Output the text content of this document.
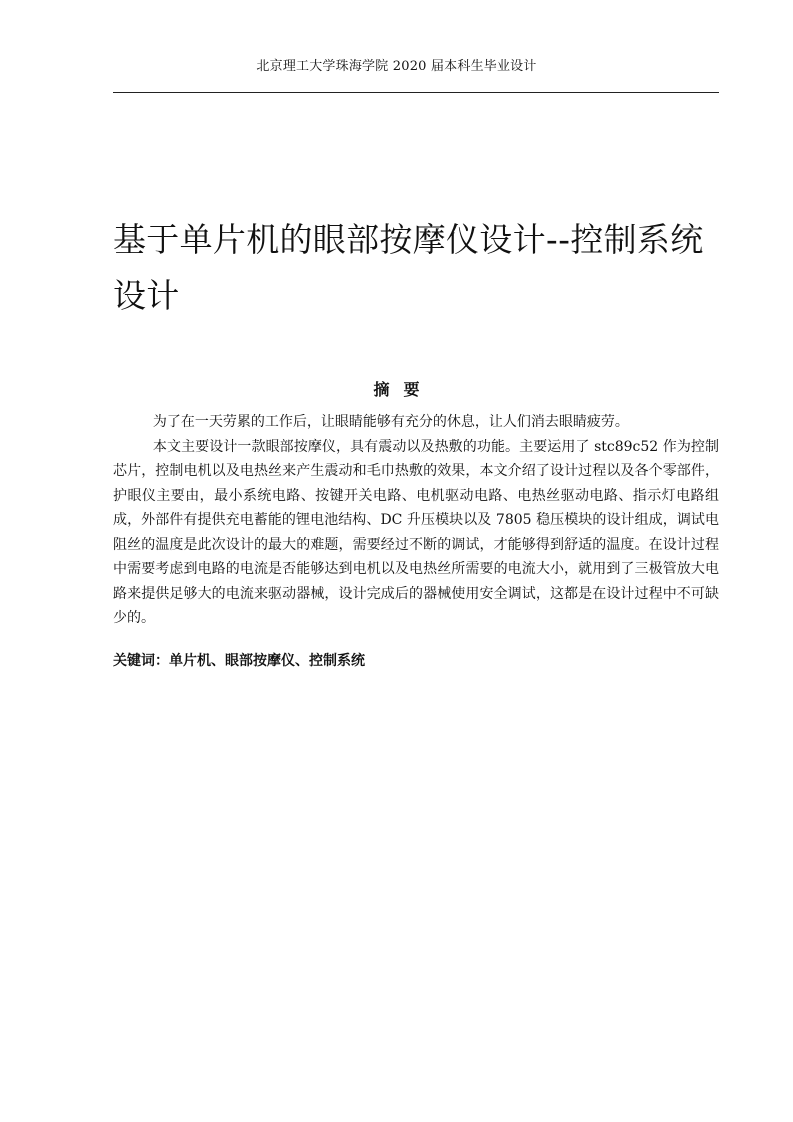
北京理工大学珠海学院 2020 届本科生毕业设计
基于单片机的眼部按摩仪设计--控制系统设计
摘要

为了在一天劳累的工作后，让眼睛能够有充分的休息，让人们消去眼睛疲劳。

本文主要设计一款眼部按摩仪，具有震动以及热敷的功能。主要运用了 stc89c52 作为控制芯片，控制电机以及电热丝来产生震动和毛巾热敷的效果，本文介绍了设计过程以及各个零部件，护眼仪主要由，最小系统电路、按键开关电路、电机驱动电路、电热丝驱动电路、指示灯电路组成，外部件有提供充电蓄能的锂电池结构、DC 升压模块以及 7805 稳压模块的设计组成，调试电阻丝的温度是此次设计的最大的难题，需要经过不断的调试，才能够得到舒适的温度。在设计过程中需要考虑到电路的电流是否能够达到电机以及电热丝所需要的电流大小，就用到了三极管放大电路来提供足够大的电流来驱动器械，设计完成后的器械使用安全调试，这都是在设计过程中不可缺少的。

关键词：单片机、眼部按摩仪、控制系统
